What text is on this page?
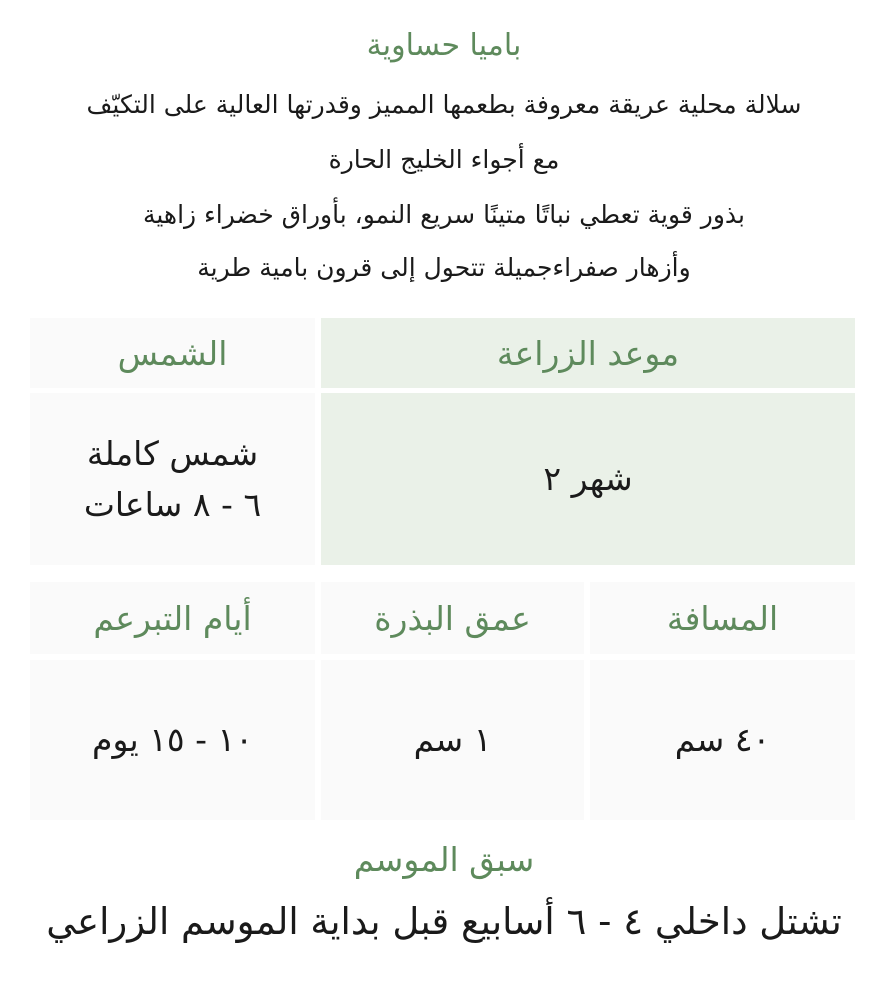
باميا حساوية
سلالة محلية عريقة معروفة بطعمها المميز وقدرتها العالية على التكيّف
مع أجواء الخليج الحارة
بذور قوية تعطي نباتًا متينًا سريع النمو، بأوراق خضراء زاهية
وأزهار صفراءجميلة تتحول إلى قرون بامية طرية
موعد الزراعة
الشمس
شهر ٢
شمس كاملة
٦ - ٨ ساعات
المسافة
عمق البذرة
أيام التبرعم
٤٠ سم
١ سم
١٠ - ١٥ يوم
سبق الموسم
تشتل داخلي ٤ - ٦ أسابيع قبل بداية الموسم الزراعي
